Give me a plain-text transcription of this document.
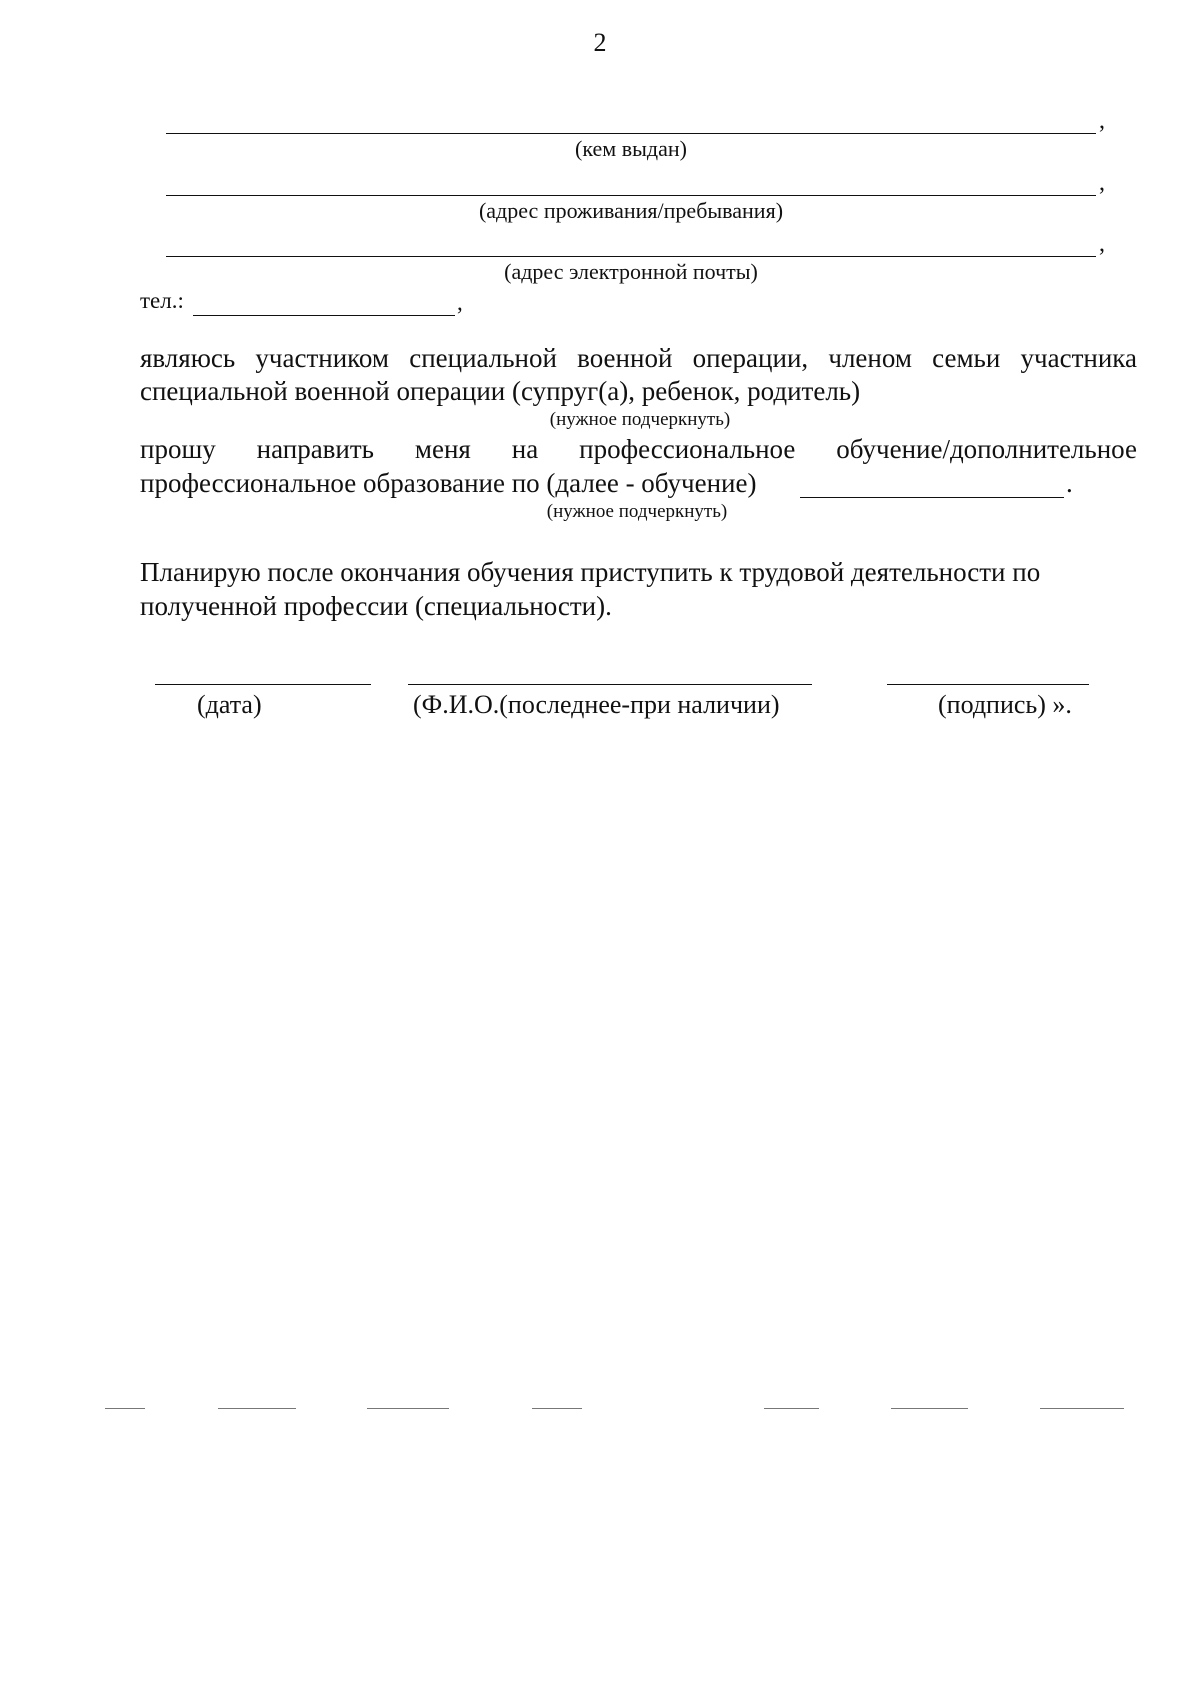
2
,
(кем выдан)
,
(адрес проживания/пребывания)
,
(адрес электронной почты)
тел.:	,
являюсь участником специальной военной операции, членом семьи участника
специальной военной операции (супруг(а), ребенок, родитель)
(нужное подчеркнуть)
прошу направить меня на профессиональное обучение/дополнительное
профессиональное образование по (далее - обучение)	.
(нужное подчеркнуть)
Планирую после окончания обучения приступить к трудовой деятельности по
полученной профессии (специальности).
(дата)	(Ф.И.О.(последнее-при наличии)	(подпись) ».
